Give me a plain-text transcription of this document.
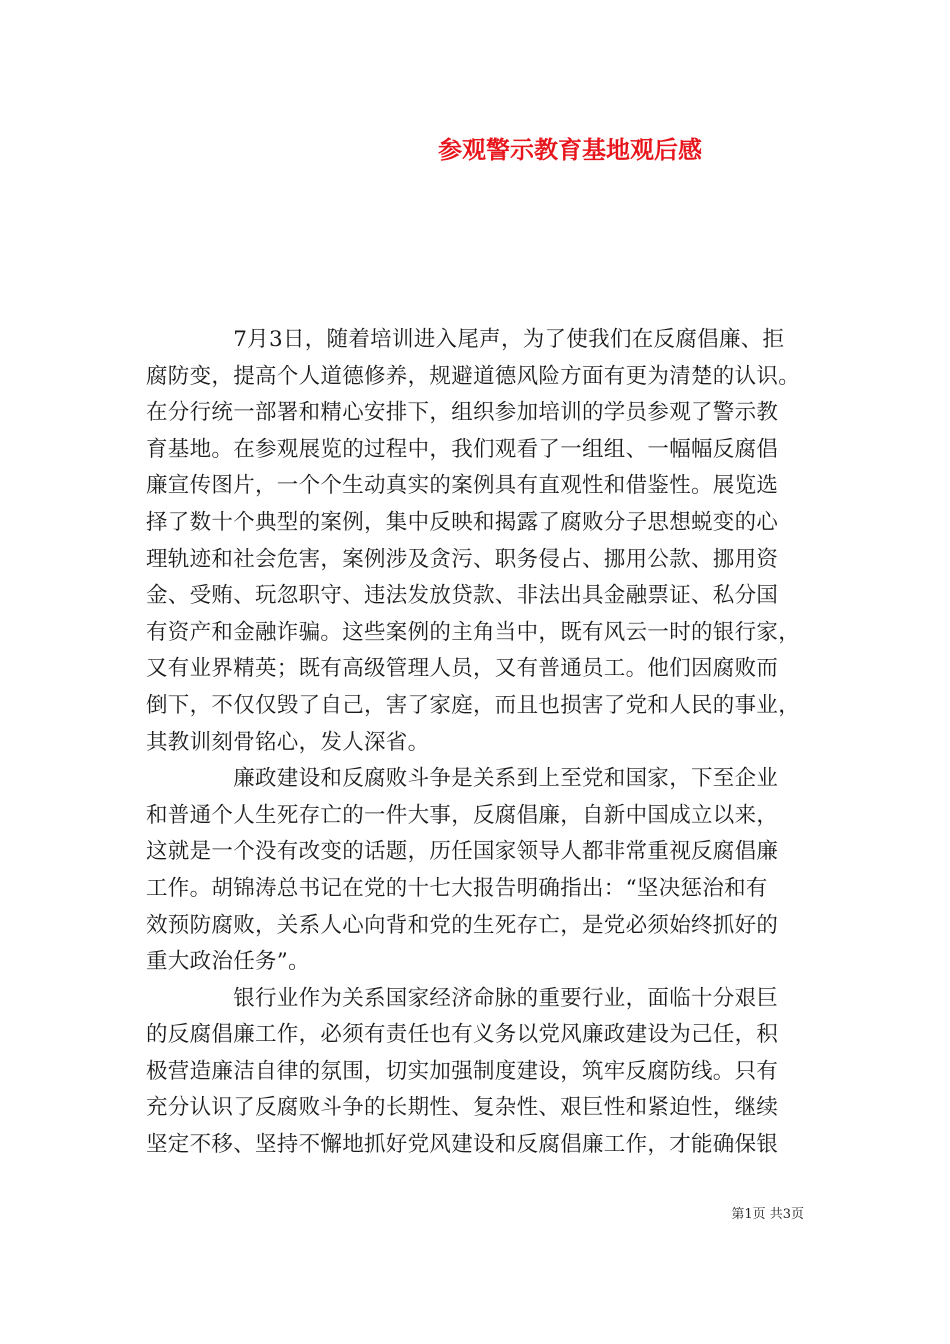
参观警示教育基地观后感
　　　　7月3日，随着培训进入尾声，为了使我们在反腐倡廉、拒
腐防变，提高个人道德修养，规避道德风险方面有更为清楚的认识。
在分行统一部署和精心安排下，组织参加培训的学员参观了警示教
育基地。在参观展览的过程中，我们观看了一组组、一幅幅反腐倡
廉宣传图片，一个个生动真实的案例具有直观性和借鉴性。展览选
择了数十个典型的案例，集中反映和揭露了腐败分子思想蜕变的心
理轨迹和社会危害，案例涉及贪污、职务侵占、挪用公款、挪用资
金、受贿、玩忽职守、违法发放贷款、非法出具金融票证、私分国
有资产和金融诈骗。这些案例的主角当中，既有风云一时的银行家，
又有业界精英；既有高级管理人员，又有普通员工。他们因腐败而
倒下，不仅仅毁了自己，害了家庭，而且也损害了党和人民的事业，
其教训刻骨铭心，发人深省。
　　　　廉政建设和反腐败斗争是关系到上至党和国家，下至企业
和普通个人生死存亡的一件大事，反腐倡廉，自新中国成立以来，
这就是一个没有改变的话题，历任国家领导人都非常重视反腐倡廉
工作。胡锦涛总书记在党的十七大报告明确指出：“坚决惩治和有
效预防腐败，关系人心向背和党的生死存亡，是党必须始终抓好的
重大政治任务”。
　　　　银行业作为关系国家经济命脉的重要行业，面临十分艰巨
的反腐倡廉工作，必须有责任也有义务以党风廉政建设为己任，积
极营造廉洁自律的氛围，切实加强制度建设，筑牢反腐防线。只有
充分认识了反腐败斗争的长期性、复杂性、艰巨性和紧迫性，继续
坚定不移、坚持不懈地抓好党风建设和反腐倡廉工作，才能确保银
第1页 共3页
